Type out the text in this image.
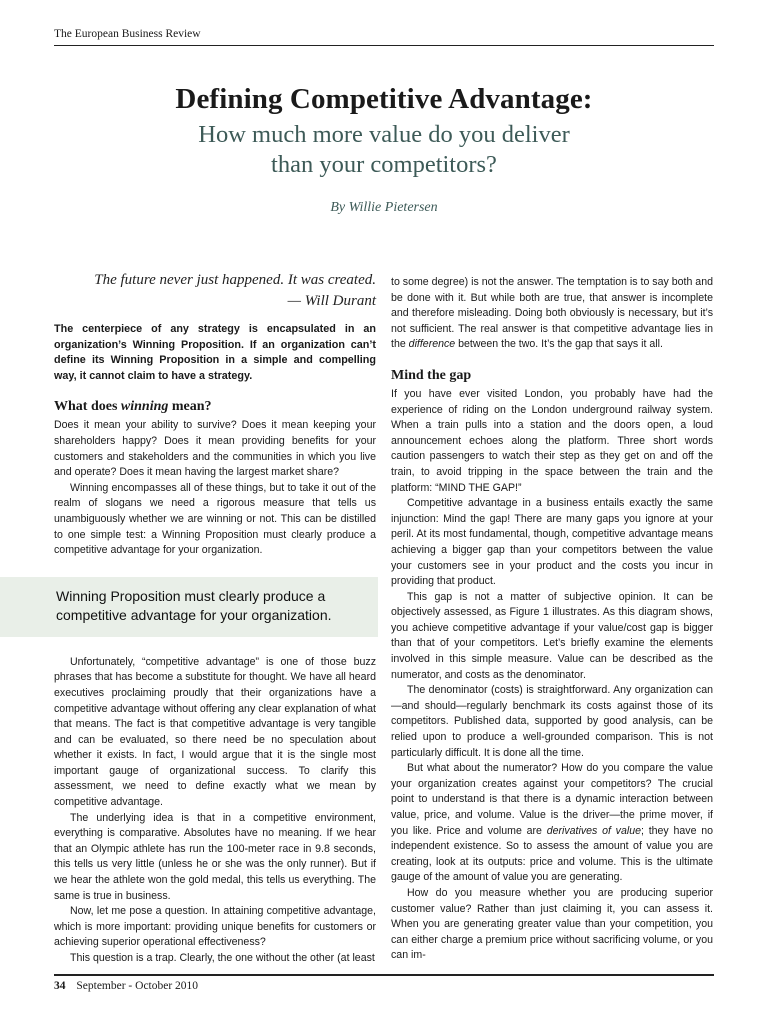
The European Business Review
Defining Competitive Advantage:
How much more value do you deliver
than your competitors?
By Willie Pietersen
The future never just happened. It was created.
— Will Durant
The centerpiece of any strategy is encapsulated in an organization’s Winning Proposition. If an organization can’t define its Winning Proposition in a simple and compelling way, it cannot claim to have a strategy.
What does winning mean?

Does it mean your ability to survive? Does it mean keeping your shareholders happy? Does it mean providing benefits for your customers and stakeholders and the communities in which you live and operate? Does it mean having the largest market share?

Winning encompasses all of these things, but to take it out of the realm of slogans we need a rigorous measure that tells us unambiguously whether we are winning or not. This can be distilled to one simple test: a Winning Proposition must clearly produce a competitive advantage for your organization.

Winning Proposition must clearly produce a competitive advantage for your organization.

Unfortunately, “competitive advantage” is one of those buzz phrases that has become a substitute for thought. We have all heard executives proclaiming proudly that their organizations have a competitive advantage without offering any clear explanation of what that means. The fact is that competitive advantage is very tangible and can be evaluated, so there need be no speculation about whether it exists. In fact, I would argue that it is the single most important gauge of organizational success. To clarify this assessment, we need to define exactly what we mean by competitive advantage.

The underlying idea is that in a competitive environment, everything is comparative. Absolutes have no meaning. If we hear that an Olympic athlete has run the 100-meter race in 9.8 seconds, this tells us very little (unless he or she was the only runner). But if we hear the athlete won the gold medal, this tells us everything. The same is true in business.

Now, let me pose a question. In attaining competitive advantage, which is more important: providing unique benefits for customers or achieving superior operational effectiveness?

This question is a trap. Clearly, the one without the other (at least

to some degree) is not the answer. The temptation is to say both and be done with it. But while both are true, that answer is incomplete and therefore misleading. Doing both obviously is necessary, but it’s not sufficient. The real answer is that competitive advantage lies in the difference between the two. It’s the gap that says it all.

Mind the gap

If you have ever visited London, you probably have had the experience of riding on the London underground railway system. When a train pulls into a station and the doors open, a loud announcement echoes along the platform. Three short words caution passengers to watch their step as they get on and off the train, to avoid tripping in the space between the train and the platform: “MIND THE GAP!”

Competitive advantage in a business entails exactly the same injunction: Mind the gap! There are many gaps you ignore at your peril. At its most fundamental, though, competitive advantage means achieving a bigger gap than your competitors between the value your customers see in your product and the costs you incur in providing that product.

This gap is not a matter of subjective opinion. It can be objectively assessed, as Figure 1 illustrates. As this diagram shows, you achieve competitive advantage if your value/cost gap is bigger than that of your competitors. Let’s briefly examine the elements involved in this simple measure. Value can be described as the numerator, and costs as the denominator.

The denominator (costs) is straightforward. Any organization can—and should—regularly benchmark its costs against those of its competitors. Published data, supported by good analysis, can be relied upon to produce a well-grounded comparison. This is not particularly difficult. It is done all the time.

But what about the numerator? How do you compare the value your organization creates against your competitors? The crucial point to understand is that there is a dynamic interaction between value, price, and volume. Value is the driver—the prime mover, if you like. Price and volume are derivatives of value; they have no independent existence. So to assess the amount of value you are creating, look at its outputs: price and volume. This is the ultimate gauge of the amount of value you are generating.

How do you measure whether you are producing superior customer value? Rather than just claiming it, you can assess it. When you are generating greater value than your competition, you can either charge a premium price without sacrificing volume, or you can im-

34 September - October 2010
